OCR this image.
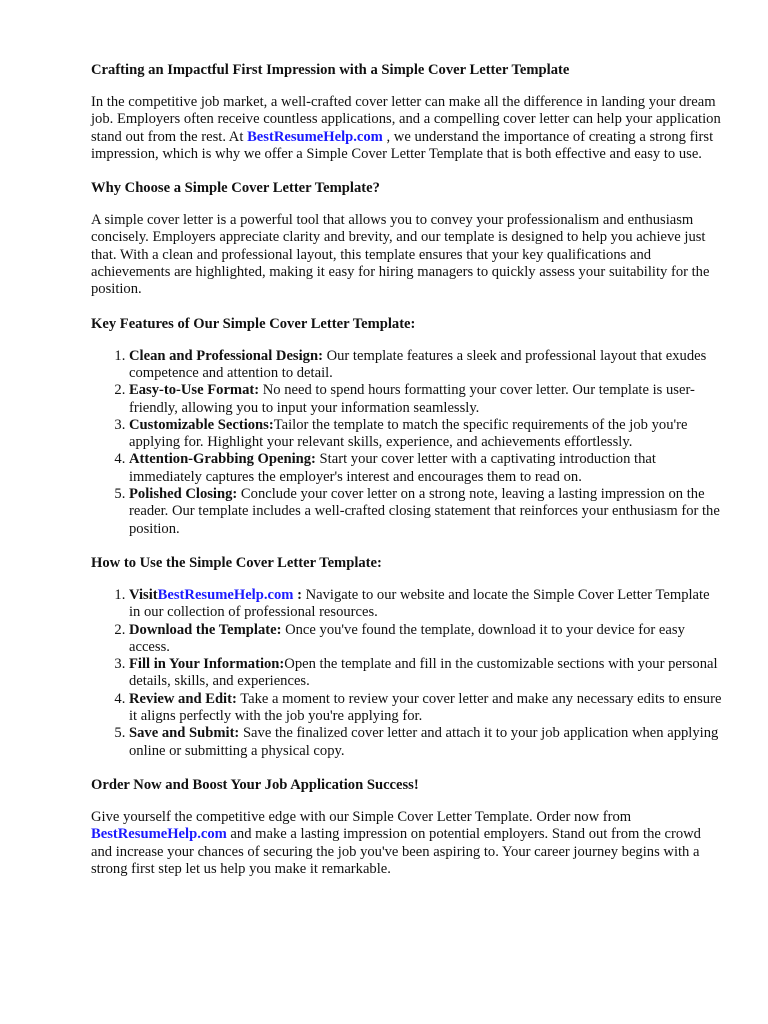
Crafting an Impactful First Impression with a Simple Cover Letter Template
In the competitive job market, a well-crafted cover letter can make all the difference in landing your dream job. Employers often receive countless applications, and a compelling cover letter can help your application stand out from the rest. At BestResumeHelp.com , we understand the importance of creating a strong first impression, which is why we offer a Simple Cover Letter Template that is both effective and easy to use.
Why Choose a Simple Cover Letter Template?
A simple cover letter is a powerful tool that allows you to convey your professionalism and enthusiasm concisely. Employers appreciate clarity and brevity, and our template is designed to help you achieve just that. With a clean and professional layout, this template ensures that your key qualifications and achievements are highlighted, making it easy for hiring managers to quickly assess your suitability for the position.
Key Features of Our Simple Cover Letter Template:
1. Clean and Professional Design: Our template features a sleek and professional layout that exudes competence and attention to detail.
2. Easy-to-Use Format: No need to spend hours formatting your cover letter. Our template is user-friendly, allowing you to input your information seamlessly.
3. Customizable Sections:Tailor the template to match the specific requirements of the job you're applying for. Highlight your relevant skills, experience, and achievements effortlessly.
4. Attention-Grabbing Opening: Start your cover letter with a captivating introduction that immediately captures the employer's interest and encourages them to read on.
5. Polished Closing: Conclude your cover letter on a strong note, leaving a lasting impression on the reader. Our template includes a well-crafted closing statement that reinforces your enthusiasm for the position.
How to Use the Simple Cover Letter Template:
1. VisitBestResumeHelp.com : Navigate to our website and locate the Simple Cover Letter Template in our collection of professional resources.
2. Download the Template: Once you've found the template, download it to your device for easy access.
3. Fill in Your Information:Open the template and fill in the customizable sections with your personal details, skills, and experiences.
4. Review and Edit: Take a moment to review your cover letter and make any necessary edits to ensure it aligns perfectly with the job you're applying for.
5. Save and Submit: Save the finalized cover letter and attach it to your job application when applying online or submitting a physical copy.
Order Now and Boost Your Job Application Success!
Give yourself the competitive edge with our Simple Cover Letter Template. Order now from BestResumeHelp.com and make a lasting impression on potential employers. Stand out from the crowd and increase your chances of securing the job you've been aspiring to. Your career journey begins with a strong first step let us help you make it remarkable.
